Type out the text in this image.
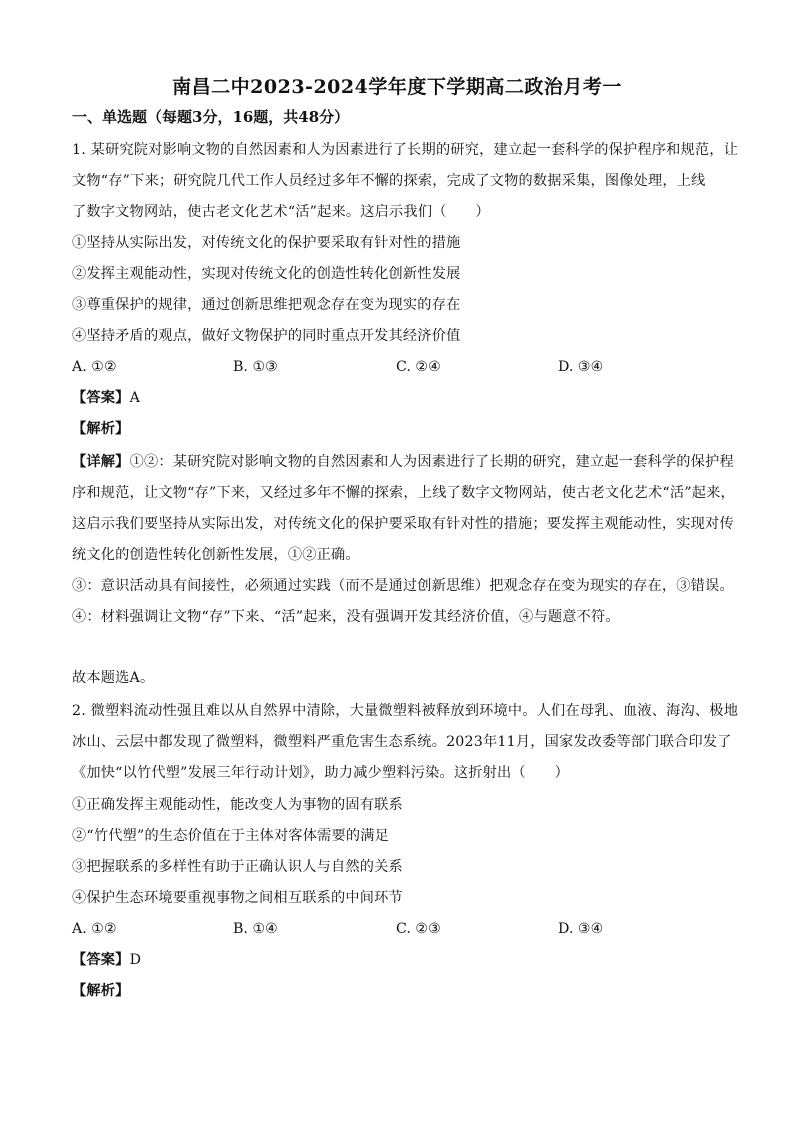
南昌二中2023-2024学年度下学期高二政治月考一
一、单选题（每题3分，16题，共48分）
1. 某研究院对影响文物的自然因素和人为因素进行了长期的研究，建立起一套科学的保护程序和规范，让
文物“存”下来；研究院几代工作人员经过多年不懈的探索，完成了文物的数据采集，图像处理，上线
了数字文物网站，使古老文化艺术“活”起来。这启示我们（　　）
①坚持从实际出发，对传统文化的保护要采取有针对性的措施
②发挥主观能动性，实现对传统文化的创造性转化创新性发展
③尊重保护的规律，通过创新思维把观念存在变为现实的存在
④坚持矛盾的观点，做好文物保护的同时重点开发其经济价值
A. ①②	B. ①③	C. ②④	D. ③④
【答案】A
【解析】
【详解】①②：某研究院对影响文物的自然因素和人为因素进行了长期的研究，建立起一套科学的保护程
序和规范，让文物“存”下来，又经过多年不懈的探索，上线了数字文物网站，使古老文化艺术“活”起来，
这启示我们要坚持从实际出发，对传统文化的保护要采取有针对性的措施；要发挥主观能动性，实现对传
统文化的创造性转化创新性发展，①②正确。
③：意识活动具有间接性，必须通过实践（而不是通过创新思维）把观念存在变为现实的存在，③错误。
④：材料强调让文物“存”下来、“活”起来，没有强调开发其经济价值，④与题意不符。
故本题选A。
2. 微塑料流动性强且难以从自然界中清除，大量微塑料被释放到环境中。人们在母乳、血液、海沟、极地
冰山、云层中都发现了微塑料，微塑料严重危害生态系统。2023年11月，国家发改委等部门联合印发了
《加快“以竹代塑”发展三年行动计划》，助力减少塑料污染。这折射出（　　）
①正确发挥主观能动性，能改变人为事物的固有联系
②“竹代塑”的生态价值在于主体对客体需要的满足
③把握联系的多样性有助于正确认识人与自然的关系
④保护生态环境要重视事物之间相互联系的中间环节
A. ①②	B. ①④	C. ②③	D. ③④
【答案】D
【解析】
